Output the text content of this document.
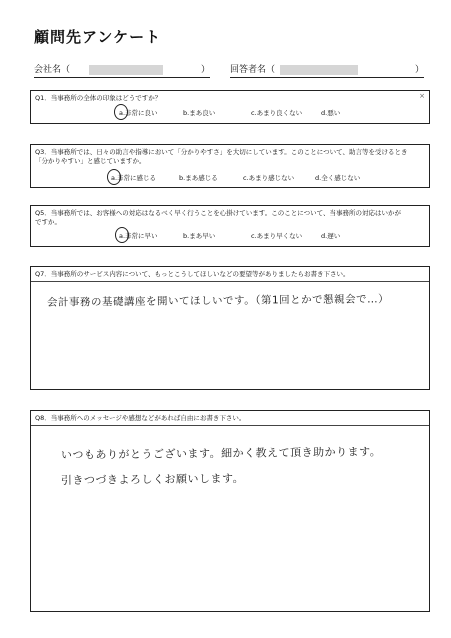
顧問先アンケート
会社名（	） 回答者名（	）
Q1．当事務所の全体の印象はどうですか？
a.非常に良い	b.まあ良い	c.あまり良くない	d.悪い
×
Q3．当事務所では、日々の助言や指導において「分かりやすさ」を大切にしています。このことについて、助言等を受けるとき
「分かりやすい」と感じていますか。
a.非常に感じる	b.まあ感じる	c.あまり感じない	d.全く感じない
Q5．当事務所では、お客様への対応はなるべく早く行うことを心掛けています。このことについて、当事務所の対応はいかが
ですか。
a.非常に早い	b.まあ早い	c.あまり早くない	d.遅い
Q7．当事務所のサービス内容について、もっとこうしてほしいなどの要望等がありましたらお書き下さい。
会計事務の基礎講座を開いてほしいです。（第1回とかで懇親会で…）
Q8．当事務所へのメッセージや感想などがあれば自由にお書き下さい。
いつもありがとうございます。細かく教えて頂き助かります。
引きつづきよろしくお願いします。
